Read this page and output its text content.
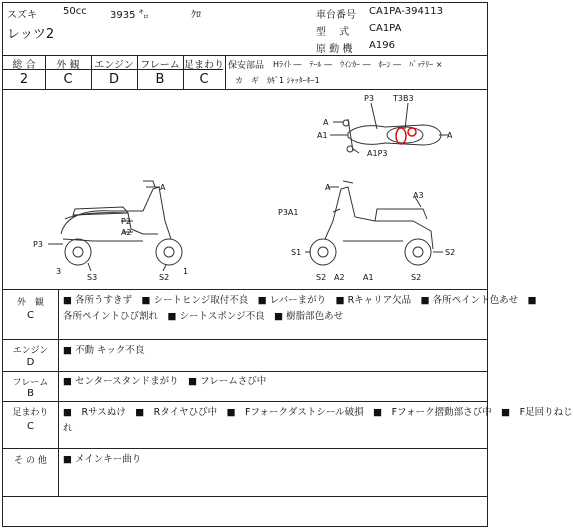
スズキ	50cc 3935 ㌔	ｸﾛ
レッツ2
車台番号 CA1PA-394113
型　 式 CA1PA
原 動 機 A196
総 合	外 観	エンジン フレーム 足まわり
2	C	D	B	C
保安部品 Hﾗｲﾄ ―　ﾃｰﾙ ―　ｳｲﾝｶｰ ―　ﾎｰﾝ ―　ﾊﾞｯﾃﾘｰ ×
カ　ギ　ｶｷﾞ1 ｼｬｯﾀｰｷｰ1
A
A1
P3 T3B3
A
A1P3
A
P2
A2
P3
3
S3	S2
1
A
A3
P3A1
S1	S2
S2 A2 A1	S2
外　観
C
■ 各所うすきず　■ シートヒンジ取付不良　■ レバーまがり　■ Rキャリア欠品　■ 各所ペイント色あせ　■
各所ペイントひび割れ　■ シートスポンジ不良　■ 樹脂部色あせ
エンジン
D
■ 不動 キック不良
フレーム
B
■ センタースタンドまがり　■ フレームさび中
足まわり
C
■　Rサスぬけ　■　Rタイヤひび中　■　Fフォークダストシール破損　■　Fフォーク摺動部さび中　■　F足回りねじ
れ
そ の 他	■ メインキー曲り
